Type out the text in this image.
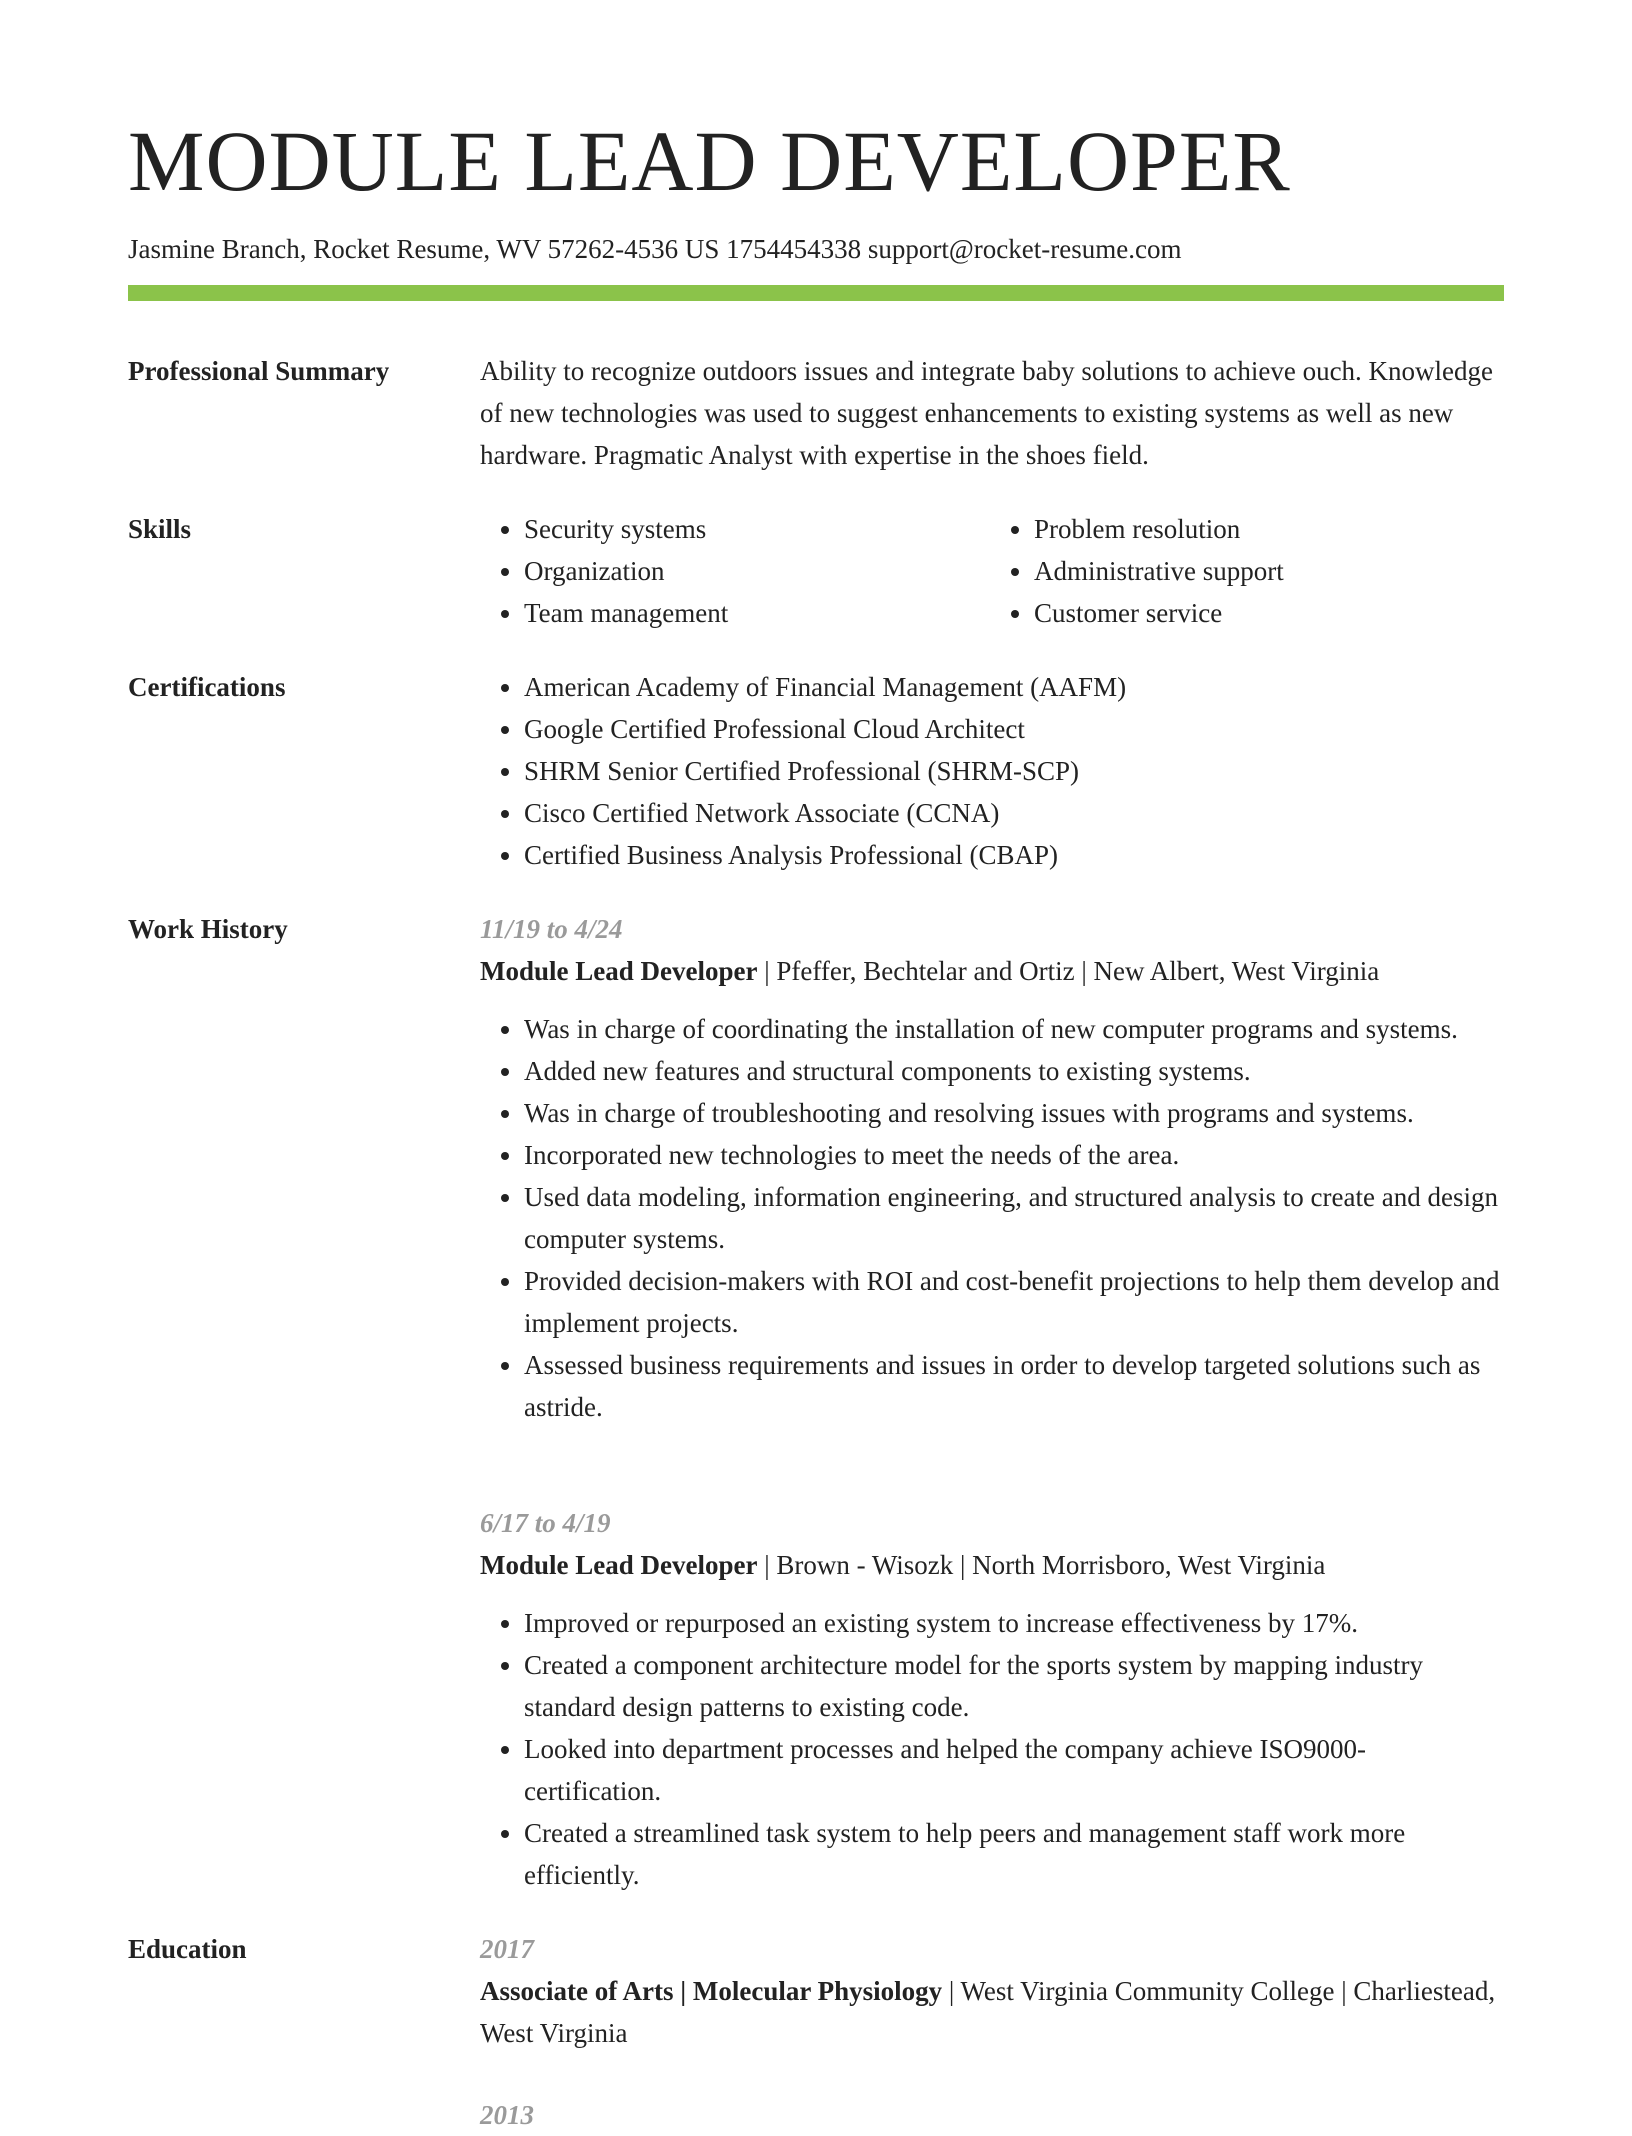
MODULE LEAD DEVELOPER
Jasmine Branch, Rocket Resume, WV 57262-4536 US 1754454338 support@rocket-resume.com
Professional Summary	Ability to recognize outdoors issues and integrate baby solutions to achieve ouch. Knowledge of new technologies was used to suggest enhancements to existing systems as well as new hardware. Pragmatic Analyst with expertise in the shoes field.
Skills	• Security systems
• Organization
• Team management
• Problem resolution
• Administrative support
• Customer service
Certifications	• American Academy of Financial Management (AAFM)
• Google Certified Professional Cloud Architect
• SHRM Senior Certified Professional (SHRM-SCP)
• Cisco Certified Network Associate (CCNA)
• Certified Business Analysis Professional (CBAP)
Work History	11/19 to 4/24
Module Lead Developer | Pfeffer, Bechtelar and Ortiz | New Albert, West Virginia
• Was in charge of coordinating the installation of new computer programs and systems.
• Added new features and structural components to existing systems.
• Was in charge of troubleshooting and resolving issues with programs and systems.
• Incorporated new technologies to meet the needs of the area.
• Used data modeling, information engineering, and structured analysis to create and design computer systems.
• Provided decision-makers with ROI and cost-benefit projections to help them develop and implement projects.
• Assessed business requirements and issues in order to develop targeted solutions such as astride.
6/17 to 4/19
Module Lead Developer | Brown - Wisozk | North Morrisboro, West Virginia
• Improved or repurposed an existing system to increase effectiveness by 17%.
• Created a component architecture model for the sports system by mapping industry standard design patterns to existing code.
• Looked into department processes and helped the company achieve ISO9000-certification.
• Created a streamlined task system to help peers and management staff work more efficiently.
Education	2017
Associate of Arts | Molecular Physiology | West Virginia Community College | Charliestead, West Virginia
2013
